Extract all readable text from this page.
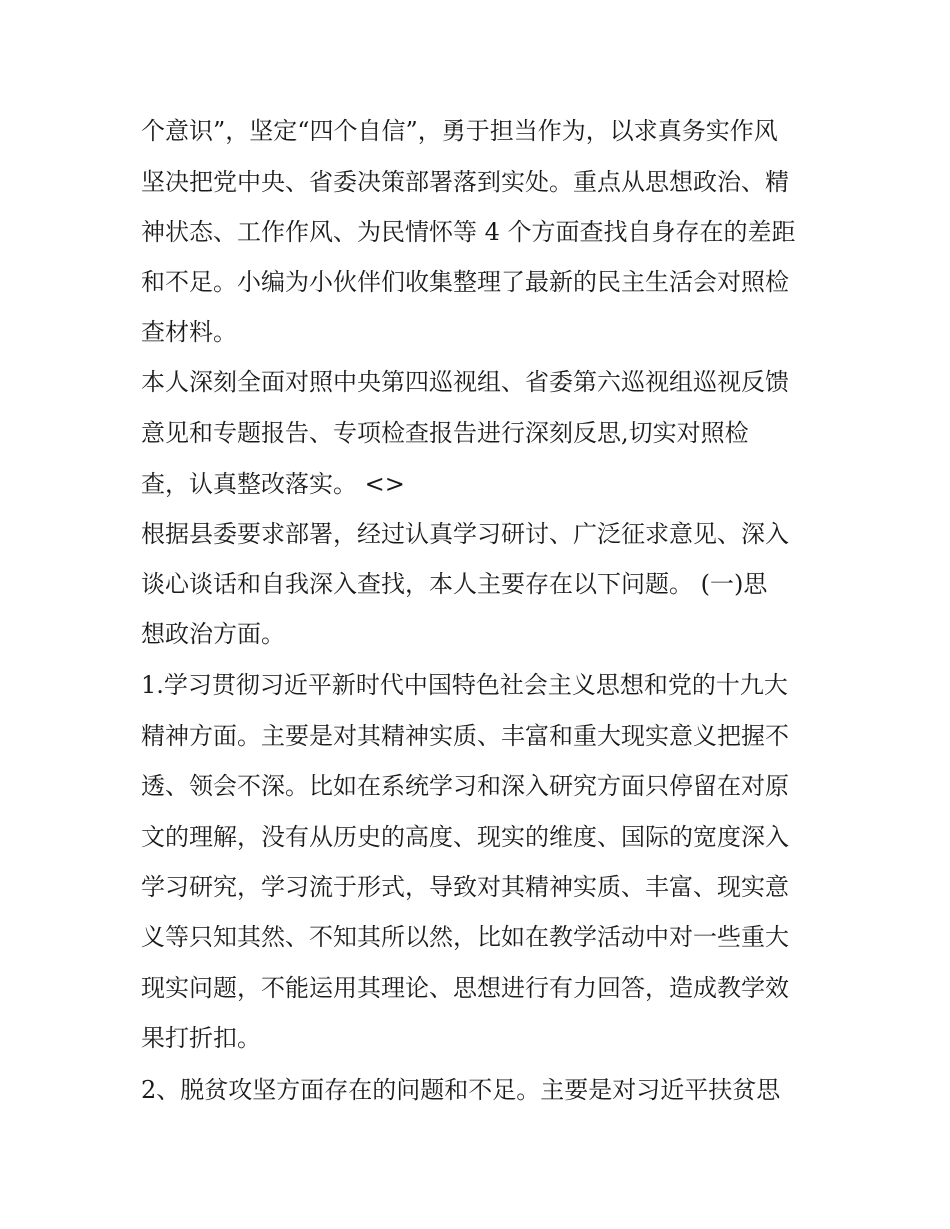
个意识”，坚定“四个自信”，勇于担当作为，以求真务实作风

坚决把党中央、省委决策部署落到实处。重点从思想政治、精

神状态、工作作风、为民情怀等 4 个方面查找自身存在的差距

和不足。小编为小伙伴们收集整理了最新的民主生活会对照检

查材料。

本人深刻全面对照中央第四巡视组、省委第六巡视组巡视反馈

意见和专题报告、专项检查报告进行深刻反思,切实对照检

查，认真整改落实。 <>

根据县委要求部署，经过认真学习研讨、广泛征求意见、深入

谈心谈话和自我深入查找，本人主要存在以下问题。 (一)思

想政治方面。

1.学习贯彻习近平新时代中国特色社会主义思想和党的十九大

精神方面。主要是对其精神实质、丰富和重大现实意义把握不

透、领会不深。比如在系统学习和深入研究方面只停留在对原

文的理解，没有从历史的高度、现实的维度、国际的宽度深入

学习研究，学习流于形式，导致对其精神实质、丰富、现实意

义等只知其然、不知其所以然，比如在教学活动中对一些重大

现实问题，不能运用其理论、思想进行有力回答，造成教学效

果打折扣。

2、脱贫攻坚方面存在的问题和不足。主要是对习近平扶贫思
